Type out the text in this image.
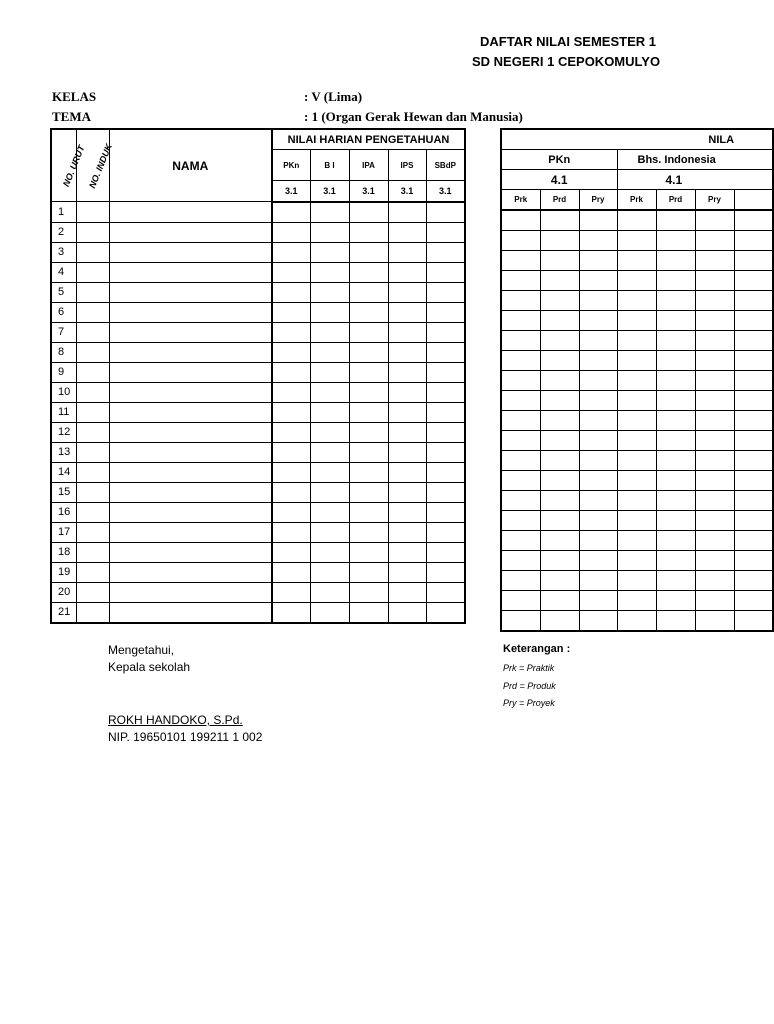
DAFTAR NILAI SEMESTER 1
SD NEGERI 1 CEPOKOMULYO
KELAS	: V (Lima)
TEMA	: 1 (Organ Gerak Hewan dan Manusia)
NO. URUT	NO. INDUK	NAMA	NILAI HARIAN PENGETAHUAN				
			PKn	B I	IPA	IPS	SBdP
			3.1	3.1	3.1	3.1	3.1
1							
2							
3							
4							
5							
6							
7							
8							
9							
10							
11							
12							
13							
14							
15							
16							
17							
18							
19							
20							
21							
NILA						
PKn			Bhs. Indonesia			
4.1			4.1			
Prk	Prd	Pry	Prk	Prd	Pry	

Mengetahui,
Kepala sekolah
ROKH HANDOKO, S.Pd.
NIP. 19650101 199211 1 002
Keterangan :
Prk = Praktik
Prd = Produk
Pry = Proyek
